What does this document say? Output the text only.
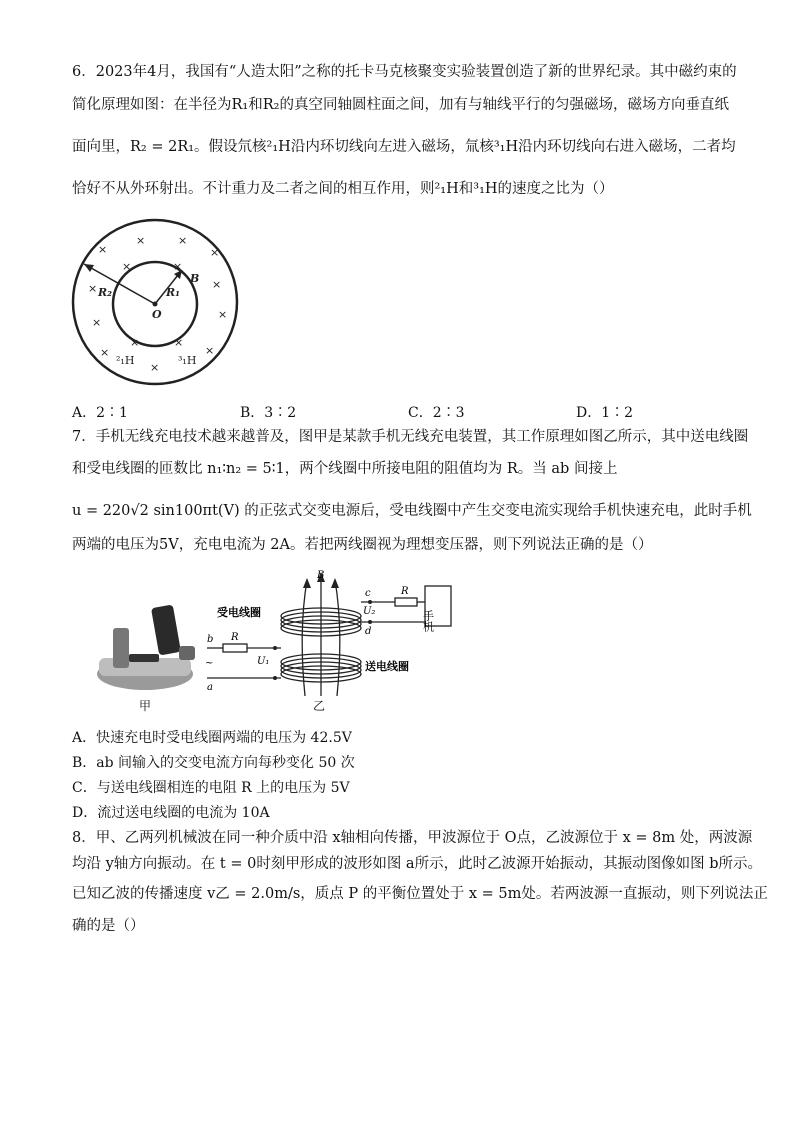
6．2023年4月，我国有“人造太阳”之称的托卡马克核聚变实验装置创造了新的世界纪录。其中磁约束的
简化原理如图：在半径为R₁和R₂的真空同轴圆柱面之间，加有与轴线平行的匀强磁场，磁场方向垂直纸
面向里，R₂ = 2R₁。假设氘核²₁H沿内环切线向左进入磁场，氚核³₁H沿内环切线向右进入磁场，二者均
恰好不从外环射出。不计重力及二者之间的相互作用，则²₁H和³₁H的速度之比为（）
×
×	×
×
×	×
×
×
×
×
×
×
×
×	×
R₂	R₁
O
B
²₁H	³₁H
A．2∶1	B．3∶2	C．2∶3	D．1∶2
7．手机无线充电技术越来越普及，图甲是某款手机无线充电装置，其工作原理如图乙所示，其中送电线圈
和受电线圈的匝数比 n₁∶n₂ = 5∶1，两个线圈中所接电阻的阻值均为 R。当 ab 间接上
u = 220√2 sin100πt(V) 的正弦式交变电源后，受电线圈中产生交变电流实现给手机快速充电，此时手机
两端的电压为5V，充电电流为 2A。若把两线圈视为理想变压器，则下列说法正确的是（）
甲
B
c
d
R
U₂	手机
受电线圈
b
a
~
R
U₁	送电线圈
乙
A．快速充电时受电线圈两端的电压为 42.5V
B．ab 间输入的交变电流方向每秒变化 50 次
C．与送电线圈相连的电阻 R 上的电压为 5V
D．流过送电线圈的电流为 10A
8．甲、乙两列机械波在同一种介质中沿 x轴相向传播，甲波源位于 O点，乙波源位于 x = 8m 处，两波源
均沿 y轴方向振动。在 t = 0时刻甲形成的波形如图 a所示，此时乙波源开始振动，其振动图像如图 b所示。
已知乙波的传播速度 v乙 = 2.0m/s，质点 P 的平衡位置处于 x = 5m处。若两波源一直振动，则下列说法正
确的是（）
